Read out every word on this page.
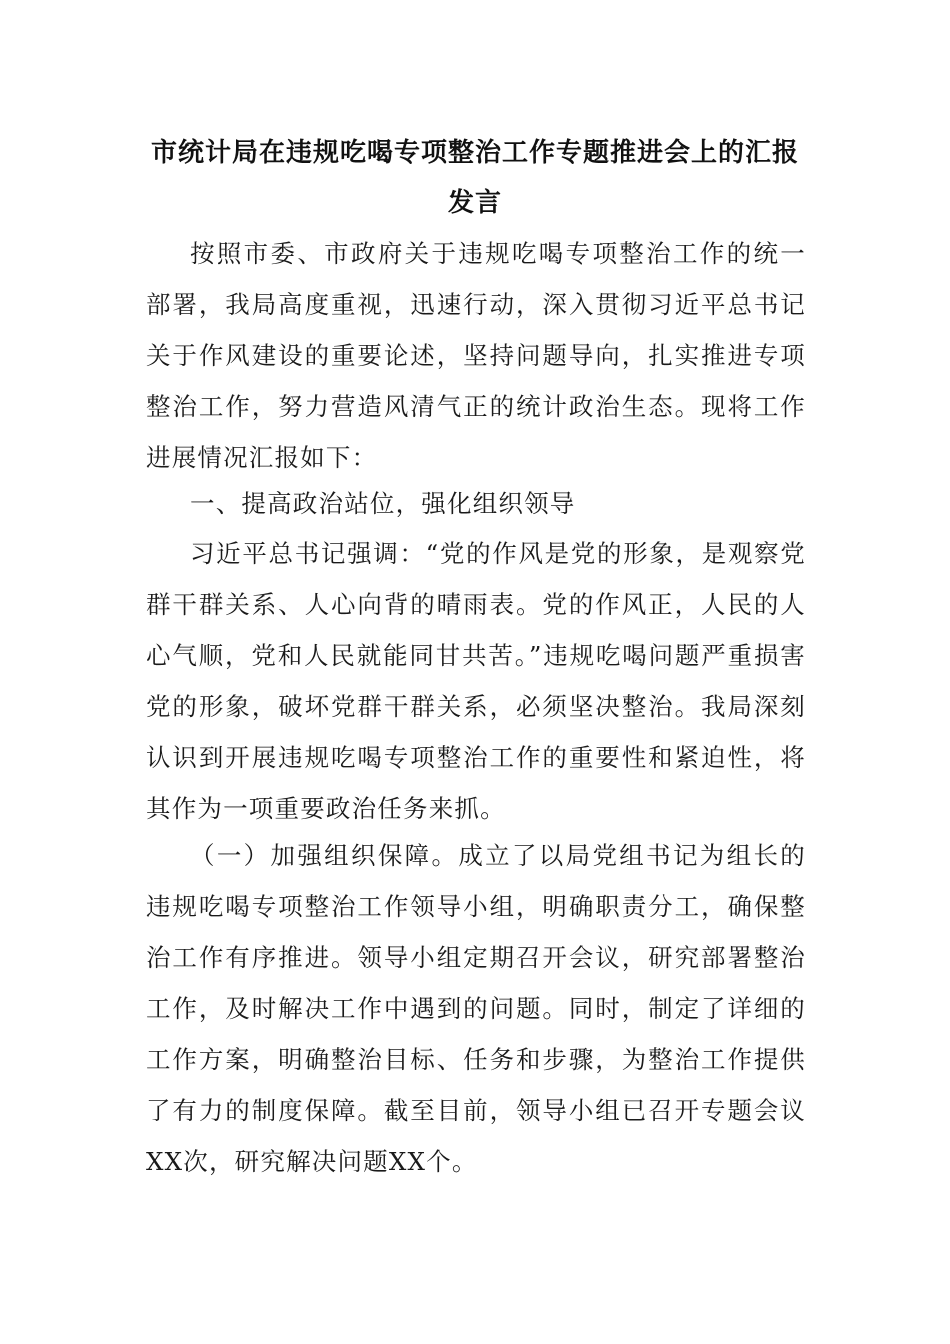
市统计局在违规吃喝专项整治工作专题推进会上的汇报发言

按照市委、市政府关于违规吃喝专项整治工作的统一部署，我局高度重视，迅速行动，深入贯彻习近平总书记关于作风建设的重要论述，坚持问题导向，扎实推进专项整治工作，努力营造风清气正的统计政治生态。现将工作进展情况汇报如下：

一、提高政治站位，强化组织领导

习近平总书记强调：“党的作风是党的形象，是观察党群干群关系、人心向背的晴雨表。党的作风正，人民的人心气顺，党和人民就能同甘共苦。”违规吃喝问题严重损害党的形象，破坏党群干群关系，必须坚决整治。我局深刻认识到开展违规吃喝专项整治工作的重要性和紧迫性，将其作为一项重要政治任务来抓。

（一）加强组织保障。成立了以局党组书记为组长的违规吃喝专项整治工作领导小组，明确职责分工，确保整治工作有序推进。领导小组定期召开会议，研究部署整治工作，及时解决工作中遇到的问题。同时，制定了详细的工作方案，明确整治目标、任务和步骤，为整治工作提供了有力的制度保障。截至目前，领导小组已召开专题会议XX次，研究解决问题XX个。
